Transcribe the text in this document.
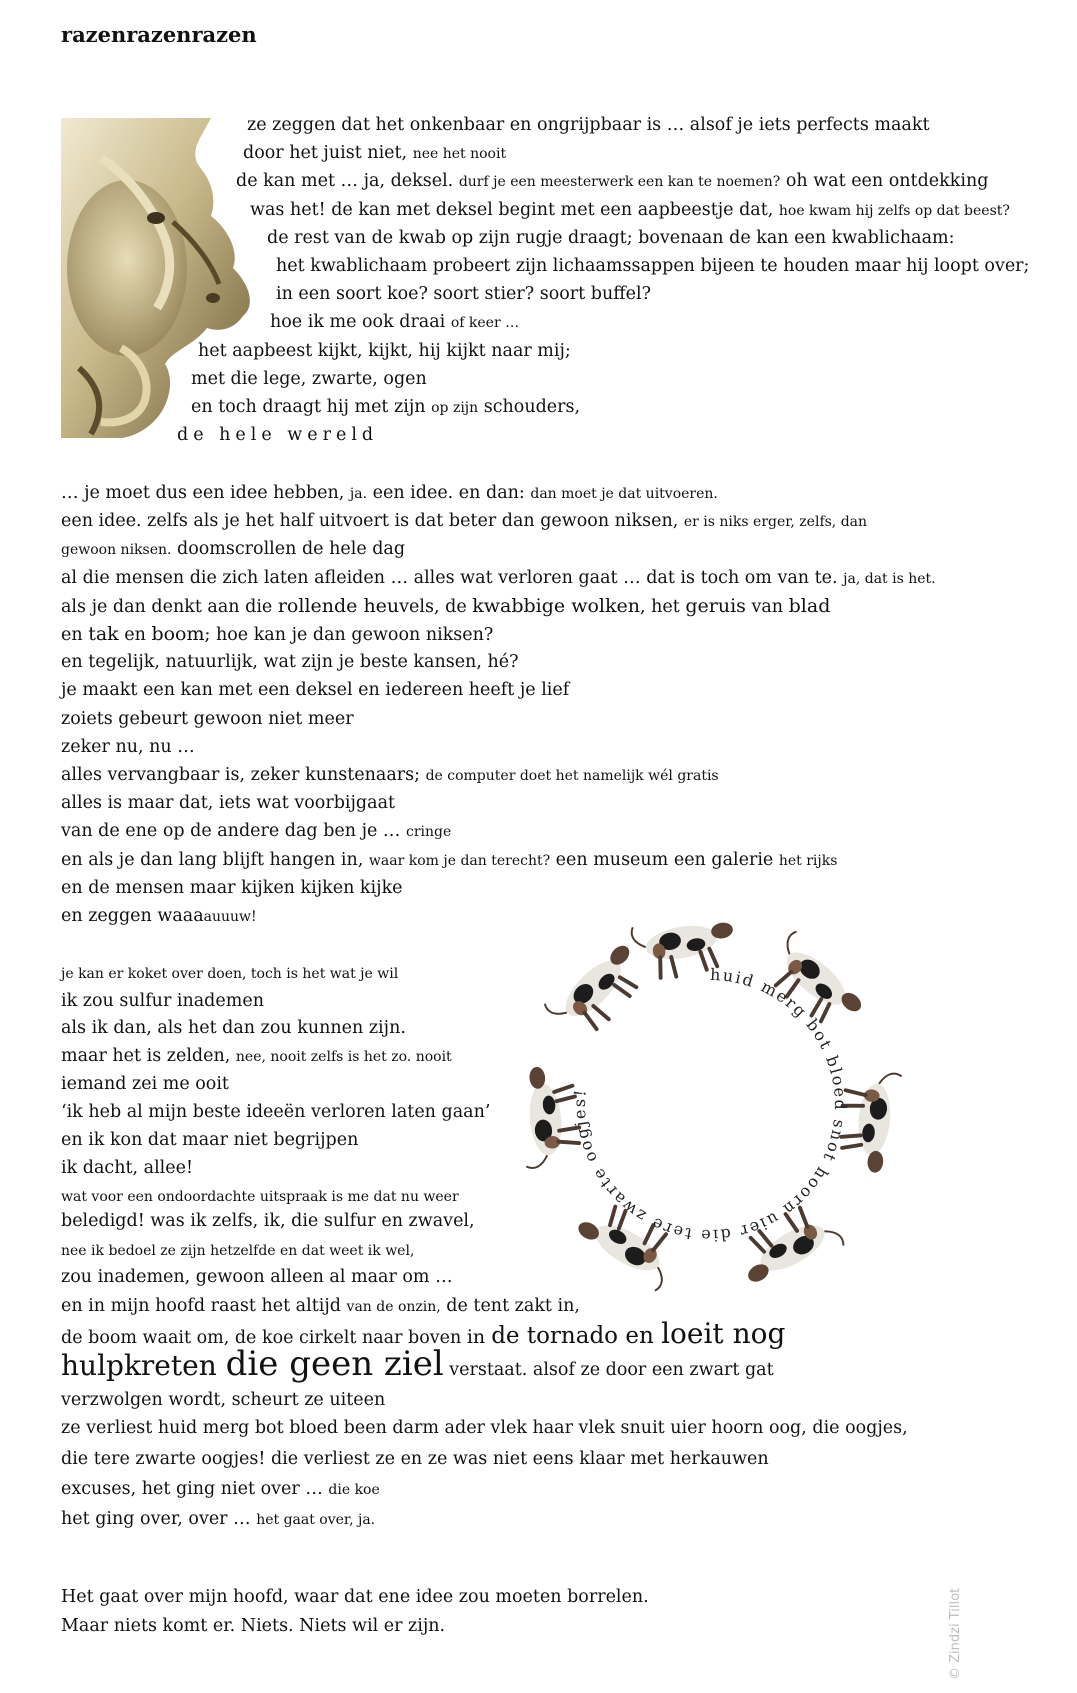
razenrazenrazen
ze zeggen dat het onkenbaar en ongrijpbaar is … alsof je iets perfects maakt
door het juist niet, nee het nooit
de kan met … ja, deksel. durf je een meesterwerk een kan te noemen? oh wat een ontdekking
was het! de kan met deksel begint met een aapbeestje dat, hoe kwam hij zelfs op dat beest?
de rest van de kwab op zijn rugje draagt; bovenaan de kan een kwablichaam:
het kwablichaam probeert zijn lichaamssappen bijeen te houden maar hij loopt over;
in een soort koe? soort stier? soort buffel?
hoe ik me ook draai of keer …
het aapbeest kijkt, kijkt, hij kijkt naar mij;
met die lege, zwarte, ogen
en toch draagt hij met zijn op zijn schouders,
de hele wereld
… je moet dus een idee hebben, ja. een idee. en dan: dan moet je dat uitvoeren.
een idee. zelfs als je het half uitvoert is dat beter dan gewoon niksen, er is niks erger, zelfs, dan
gewoon niksen. doomscrollen de hele dag
al die mensen die zich laten afleiden … alles wat verloren gaat … dat is toch om van te. ja, dat is het.
als je dan denkt aan die rollende heuvels, de kwabbige wolken, het geruis van blad
en tak en boom; hoe kan je dan gewoon niksen?
en tegelijk, natuurlijk, wat zijn je beste kansen, hé?
je maakt een kan met een deksel en iedereen heeft je lief
zoiets gebeurt gewoon niet meer
zeker nu, nu …
alles vervangbaar is, zeker kunstenaars; de computer doet het namelijk wél gratis
alles is maar dat, iets wat voorbijgaat
van de ene op de andere dag ben je … cringe
en als je dan lang blijft hangen in, waar kom je dan terecht? een museum een galerie het rijks
en de mensen maar kijken kijken kijke
en zeggen waaaauuuw!
je kan er koket over doen, toch is het wat je wil
ik zou sulfur inademen
als ik dan, als het dan zou kunnen zijn.
maar het is zelden, nee, nooit zelfs is het zo. nooit
iemand zei me ooit
‘ik heb al mijn beste ideeën verloren laten gaan’
en ik kon dat maar niet begrijpen
ik dacht, allee!
wat voor een ondoordachte uitspraak is me dat nu weer
beledigd! was ik zelfs, ik, die sulfur en zwavel,
nee ik bedoel ze zijn hetzelfde en dat weet ik wel,
zou inademen, gewoon alleen al maar om …
en in mijn hoofd raast het altijd van de onzin, de tent zakt in,
de boom waait om, de koe cirkelt naar boven in de tornado en loeit nog
hulpkreten die geen ziel verstaat. alsof ze door een zwart gat
verzwolgen wordt, scheurt ze uiteen
ze verliest huid merg bot bloed been darm ader vlek haar vlek snuit uier hoorn oog, die oogjes,
die tere zwarte oogjes! die verliest ze en ze was niet eens klaar met herkauwen
excuses, het ging niet over … die koe
het ging over, over … het gaat over, ja.
Het gaat over mijn hoofd, waar dat ene idee zou moeten borrelen.
Maar niets komt er. Niets. Niets wil er zijn.
huid merg bot bloed snot hoorn uier die tere zwarte oogjes!
© Zindzi Tillot
